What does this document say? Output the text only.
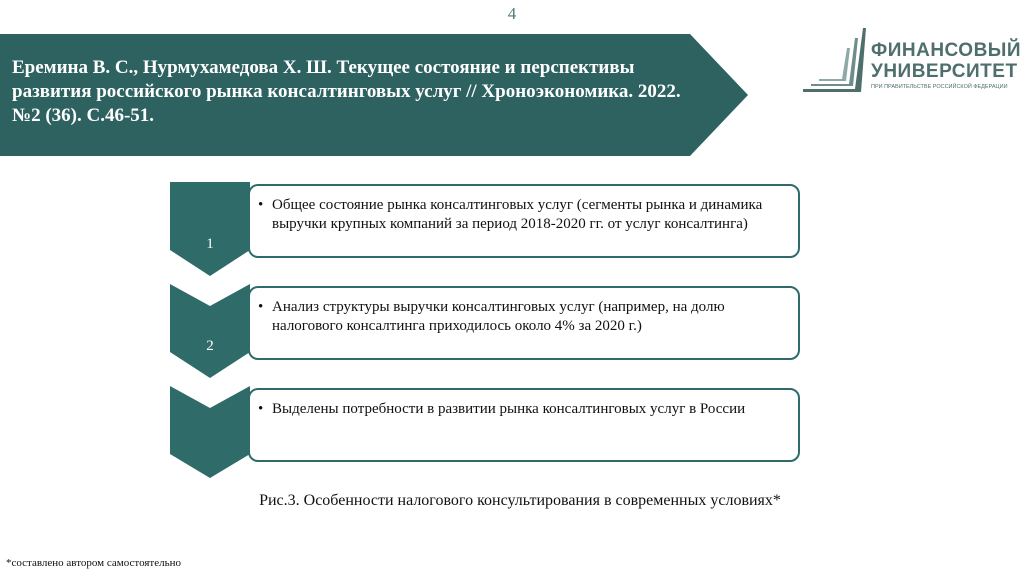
4
Еремина В. С., Нурмухамедова Х. Ш. Текущее состояние и перспективы развития российского рынка консалтинговых услуг // Хроноэкономика. 2022. №2 (36). С.46-51.
ФИНАНСОВЫЙ
УНИВЕРСИТЕТ
ПРИ ПРАВИТЕЛЬСТВЕ РОССИЙСКОЙ ФЕДЕРАЦИИ
1
2
• Общее состояние рынка консалтинговых услуг (сегменты рынка и динамика выручки крупных компаний за период 2018-2020 гг. от услуг консалтинга)
• Анализ структуры выручки консалтинговых услуг (например, на долю налогового консалтинга приходилось около 4% за 2020 г.)
• Выделены потребности в развитии рынка консалтинговых услуг в России
Рис.3. Особенности налогового консультирования в современных условиях*
*составлено автором самостоятельно
